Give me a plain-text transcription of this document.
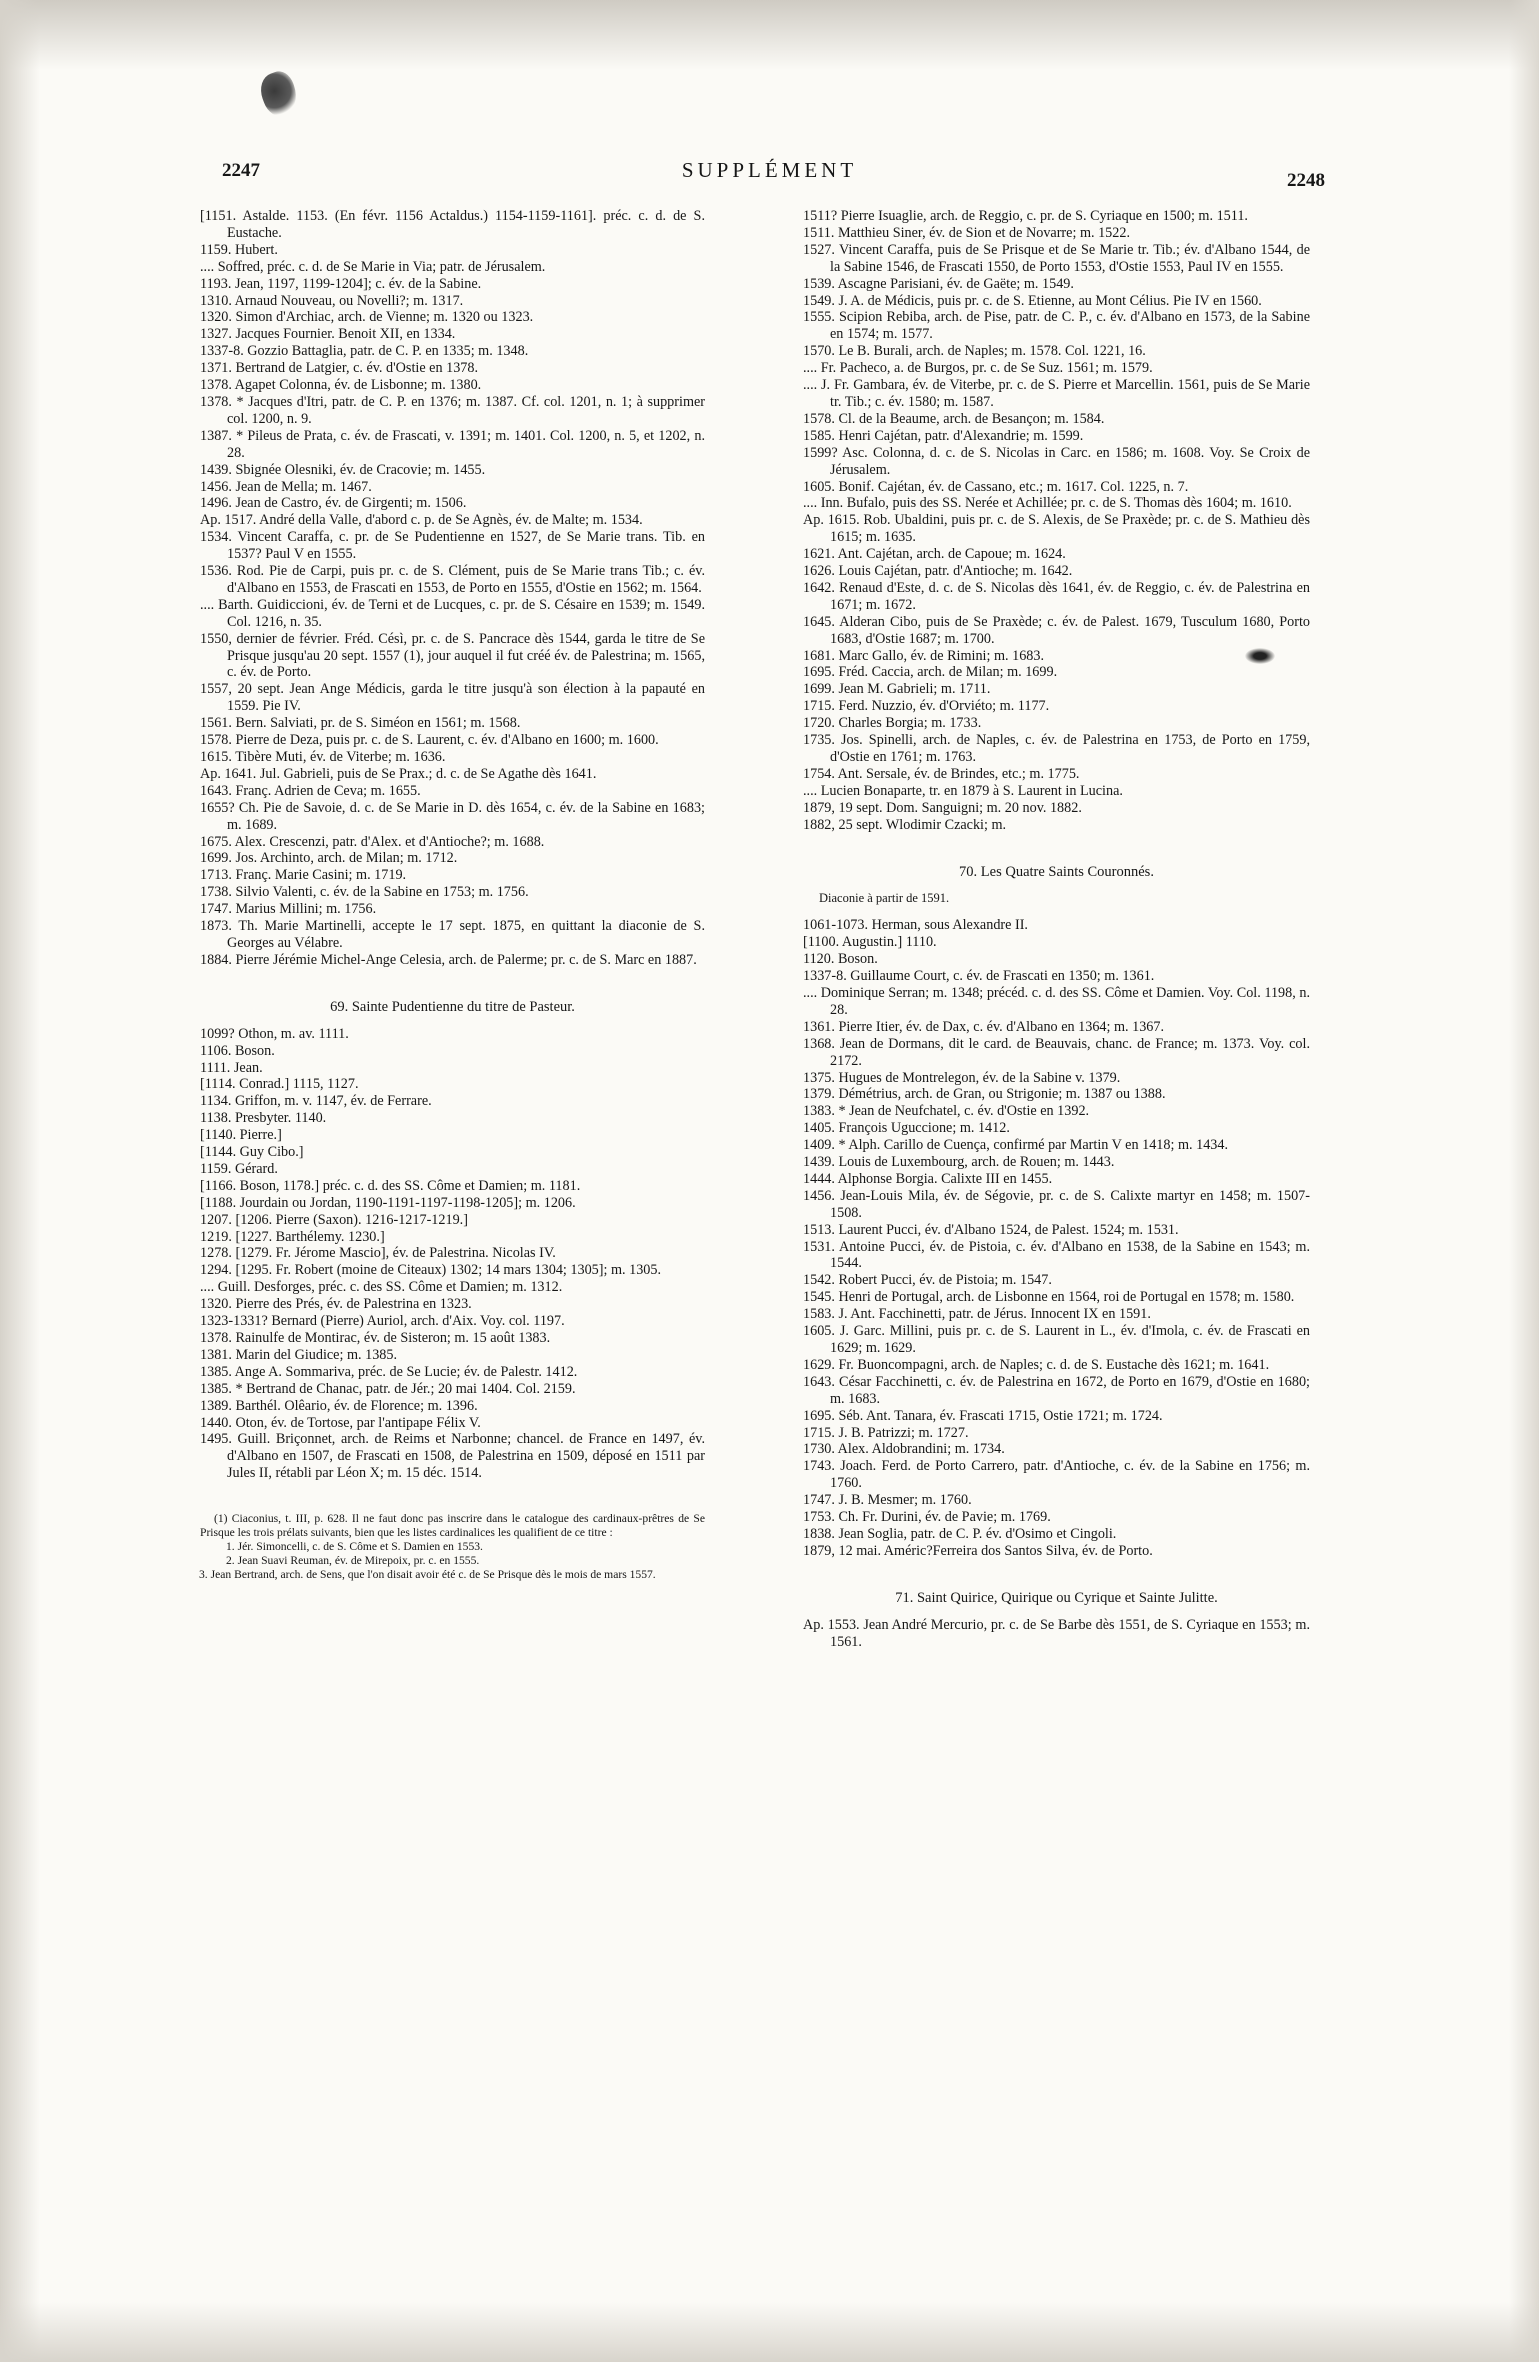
2247	SUPPLÉMENT	2248
[1151. Astalde. 1153. (En févr. 1156 Actaldus.) 1154-1159-1161]. préc. c. d. de S. Eustache.
1159. Hubert.
.... Soffred, préc. c. d. de Se Marie in Via; patr. de Jérusalem.
1193. Jean, 1197, 1199-1204]; c. év. de la Sabine.
1310. Arnaud Nouveau, ou Novelli?; m. 1317.
1320. Simon d'Archiac, arch. de Vienne; m. 1320 ou 1323.
1327. Jacques Fournier. Benoit XII, en 1334.
1337-8. Gozzio Battaglia, patr. de C. P. en 1335; m. 1348.
1371. Bertrand de Latgier, c. év. d'Ostie en 1378.
1378. Agapet Colonna, év. de Lisbonne; m. 1380.
1378. * Jacques d'Itri, patr. de C. P. en 1376; m. 1387. Cf. col. 1201, n. 1; à supprimer col. 1200, n. 9.
1387. * Pileus de Prata, c. év. de Frascati, v. 1391; m. 1401. Col. 1200, n. 5, et 1202, n. 28.
1439. Sbignée Olesniki, év. de Cracovie; m. 1455.
1456. Jean de Mella; m. 1467.
1496. Jean de Castro, év. de Girgenti; m. 1506.
Ap. 1517. André della Valle, d'abord c. p. de Se Agnès, év. de Malte; m. 1534.
1534. Vincent Caraffa, c. pr. de Se Pudentienne en 1527, de Se Marie trans. Tib. en 1537? Paul V en 1555.
1536. Rod. Pie de Carpi, puis pr. c. de S. Clément, puis de Se Marie trans Tib.; c. év. d'Albano en 1553, de Frascati en 1553, de Porto en 1555, d'Ostie en 1562; m. 1564.
.... Barth. Guidiccioni, év. de Terni et de Lucques, c. pr. de S. Césaire en 1539; m. 1549. Col. 1216, n. 35.
1550, dernier de février. Fréd. Césì, pr. c. de S. Pancrace dès 1544, garda le titre de Se Prisque jusqu'au 20 sept. 1557 (1), jour auquel il fut créé év. de Palestrina; m. 1565, c. év. de Porto.
1557, 20 sept. Jean Ange Médicis, garda le titre jusqu'à son élection à la papauté en 1559. Pie IV.
1561. Bern. Salviati, pr. de S. Siméon en 1561; m. 1568.
1578. Pierre de Deza, puis pr. c. de S. Laurent, c. év. d'Albano en 1600; m. 1600.
1615. Tibère Muti, év. de Viterbe; m. 1636.
Ap. 1641. Jul. Gabrieli, puis de Se Prax.; d. c. de Se Agathe dès 1641.
1643. Franç. Adrien de Ceva; m. 1655.
1655? Ch. Pie de Savoie, d. c. de Se Marie in D. dès 1654, c. év. de la Sabine en 1683; m. 1689.
1675. Alex. Crescenzi, patr. d'Alex. et d'Antioche?; m. 1688.
1699. Jos. Archinto, arch. de Milan; m. 1712.
1713. Franç. Marie Casini; m. 1719.
1738. Silvio Valenti, c. év. de la Sabine en 1753; m. 1756.
1747. Marius Millini; m. 1756.
1873. Th. Marie Martinelli, accepte le 17 sept. 1875, en quittant la diaconie de S. Georges au Vélabre.
1884. Pierre Jérémie Michel-Ange Celesia, arch. de Palerme; pr. c. de S. Marc en 1887.
69. Sainte Pudentienne du titre de Pasteur.
1099? Othon, m. av. 1111.
1106. Boson.
1111. Jean.
[1114. Conrad.] 1115, 1127.
1134. Griffon, m. v. 1147, év. de Ferrare.
1138. Presbyter. 1140.
[1140. Pierre.]
[1144. Guy Cibo.]
1159. Gérard.
[1166. Boson, 1178.] préc. c. d. des SS. Côme et Damien; m. 1181.
[1188. Jourdain ou Jordan, 1190-1191-1197-1198-1205]; m. 1206.
1207. [1206. Pierre (Saxon). 1216-1217-1219.]
1219. [1227. Barthélemy. 1230.]
1278. [1279. Fr. Jérome Mascio], év. de Palestrina. Nicolas IV.
1294. [1295. Fr. Robert (moine de Citeaux) 1302; 14 mars 1304; 1305]; m. 1305.
.... Guill. Desforges, préc. c. des SS. Côme et Damien; m. 1312.
1320. Pierre des Prés, év. de Palestrina en 1323.
1323-1331? Bernard (Pierre) Auriol, arch. d'Aix. Voy. col. 1197.
1378. Rainulfe de Montirac, év. de Sisteron; m. 15 août 1383.
1381. Marin del Giudice; m. 1385.
1385. Ange A. Sommariva, préc. de Se Lucie; év. de Palestr. 1412.
1385. * Bertrand de Chanac, patr. de Jér.; 20 mai 1404. Col. 2159.
1389. Barthél. Olêario, év. de Florence; m. 1396.
1440. Oton, év. de Tortose, par l'antipape Félix V.
1495. Guill. Briçonnet, arch. de Reims et Narbonne; chancel. de France en 1497, év. d'Albano en 1507, de Frascati en 1508, de Palestrina en 1509, déposé en 1511 par Jules II, rétabli par Léon X; m. 15 déc. 1514.
(1) Ciaconius, t. III, p. 628. Il ne faut donc pas inscrire dans le catalogue des cardinaux-prêtres de Se Prisque les trois prélats suivants, bien que les listes cardinalices les qualifient de ce titre :
1. Jér. Simoncelli, c. de S. Côme et S. Damien en 1553.
2. Jean Suavi Reuman, év. de Mirepoix, pr. c. en 1555.
3. Jean Bertrand, arch. de Sens, que l'on disait avoir été c. de Se Prisque dès le mois de mars 1557.
1511? Pierre Isuaglie, arch. de Reggio, c. pr. de S. Cyriaque en 1500; m. 1511.
1511. Matthieu Siner, év. de Sion et de Novarre; m. 1522.
1527. Vincent Caraffa, puis de Se Prisque et de Se Marie tr. Tib.; év. d'Albano 1544, de la Sabine 1546, de Frascati 1550, de Porto 1553, d'Ostie 1553, Paul IV en 1555.
1539. Ascagne Parisiani, év. de Gaëte; m. 1549.
1549. J. A. de Médicis, puis pr. c. de S. Etienne, au Mont Célius. Pie IV en 1560.
1555. Scipion Rebiba, arch. de Pise, patr. de C. P., c. év. d'Albano en 1573, de la Sabine en 1574; m. 1577.
1570. Le B. Burali, arch. de Naples; m. 1578. Col. 1221, 16.
.... Fr. Pacheco, a. de Burgos, pr. c. de Se Suz. 1561; m. 1579.
.... J. Fr. Gambara, év. de Viterbe, pr. c. de S. Pierre et Marcellin. 1561, puis de Se Marie tr. Tib.; c. év. 1580; m. 1587.
1578. Cl. de la Beaume, arch. de Besançon; m. 1584.
1585. Henri Cajétan, patr. d'Alexandrie; m. 1599.
1599? Asc. Colonna, d. c. de S. Nicolas in Carc. en 1586; m. 1608. Voy. Se Croix de Jérusalem.
1605. Bonif. Cajétan, év. de Cassano, etc.; m. 1617. Col. 1225, n. 7.
.... Inn. Bufalo, puis des SS. Nerée et Achillée; pr. c. de S. Thomas dès 1604; m. 1610.
Ap. 1615. Rob. Ubaldini, puis pr. c. de S. Alexis, de Se Praxède; pr. c. de S. Mathieu dès 1615; m. 1635.
1621. Ant. Cajétan, arch. de Capoue; m. 1624.
1626. Louis Cajétan, patr. d'Antioche; m. 1642.
1642. Renaud d'Este, d. c. de S. Nicolas dès 1641, év. de Reggio, c. év. de Palestrina en 1671; m. 1672.
1645. Alderan Cibo, puis de Se Praxède; c. év. de Palest. 1679, Tusculum 1680, Porto 1683, d'Ostie 1687; m. 1700.
1681. Marc Gallo, év. de Rimini; m. 1683.
1695. Fréd. Caccia, arch. de Milan; m. 1699.
1699. Jean M. Gabrieli; m. 1711.
1715. Ferd. Nuzzio, év. d'Orviéto; m. 1177.
1720. Charles Borgia; m. 1733.
1735. Jos. Spinelli, arch. de Naples, c. év. de Palestrina en 1753, de Porto en 1759, d'Ostie en 1761; m. 1763.
1754. Ant. Sersale, év. de Brindes, etc.; m. 1775.
.... Lucien Bonaparte, tr. en 1879 à S. Laurent in Lucina.
1879, 19 sept. Dom. Sanguigni; m. 20 nov. 1882.
1882, 25 sept. Wlodimir Czacki; m.
70. Les Quatre Saints Couronnés.
Diaconie à partir de 1591.
1061-1073. Herman, sous Alexandre II.
[1100. Augustin.] 1110.
1120. Boson.
1337-8. Guillaume Court, c. év. de Frascati en 1350; m. 1361.
.... Dominique Serran; m. 1348; précéd. c. d. des SS. Côme et Damien. Voy. Col. 1198, n. 28.
1361. Pierre Itier, év. de Dax, c. év. d'Albano en 1364; m. 1367.
1368. Jean de Dormans, dit le card. de Beauvais, chanc. de France; m. 1373. Voy. col. 2172.
1375. Hugues de Montrelegon, év. de la Sabine v. 1379.
1379. Démétrius, arch. de Gran, ou Strigonie; m. 1387 ou 1388.
1383. * Jean de Neufchatel, c. év. d'Ostie en 1392.
1405. François Uguccione; m. 1412.
1409. * Alph. Carillo de Cuença, confirmé par Martin V en 1418; m. 1434.
1439. Louis de Luxembourg, arch. de Rouen; m. 1443.
1444. Alphonse Borgia. Calixte III en 1455.
1456. Jean-Louis Mila, év. de Ségovie, pr. c. de S. Calixte martyr en 1458; m. 1507-1508.
1513. Laurent Pucci, év. d'Albano 1524, de Palest. 1524; m. 1531.
1531. Antoine Pucci, év. de Pistoia, c. év. d'Albano en 1538, de la Sabine en 1543; m. 1544.
1542. Robert Pucci, év. de Pistoia; m. 1547.
1545. Henri de Portugal, arch. de Lisbonne en 1564, roi de Portugal en 1578; m. 1580.
1583. J. Ant. Facchinetti, patr. de Jérus. Innocent IX en 1591.
1605. J. Garc. Millini, puis pr. c. de S. Laurent in L., év. d'Imola, c. év. de Frascati en 1629; m. 1629.
1629. Fr. Buoncompagni, arch. de Naples; c. d. de S. Eustache dès 1621; m. 1641.
1643. César Facchinetti, c. év. de Palestrina en 1672, de Porto en 1679, d'Ostie en 1680; m. 1683.
1695. Séb. Ant. Tanara, év. Frascati 1715, Ostie 1721; m. 1724.
1715. J. B. Patrizzi; m. 1727.
1730. Alex. Aldobrandini; m. 1734.
1743. Joach. Ferd. de Porto Carrero, patr. d'Antioche, c. év. de la Sabine en 1756; m. 1760.
1747. J. B. Mesmer; m. 1760.
1753. Ch. Fr. Durini, év. de Pavie; m. 1769.
1838. Jean Soglia, patr. de C. P. év. d'Osimo et Cingoli.
1879, 12 mai. Améric?Ferreira dos Santos Silva, év. de Porto.
71. Saint Quirice, Quirique ou Cyrique et Sainte Julitte.
Ap. 1553. Jean André Mercurio, pr. c. de Se Barbe dès 1551, de S. Cyriaque en 1553; m. 1561.
